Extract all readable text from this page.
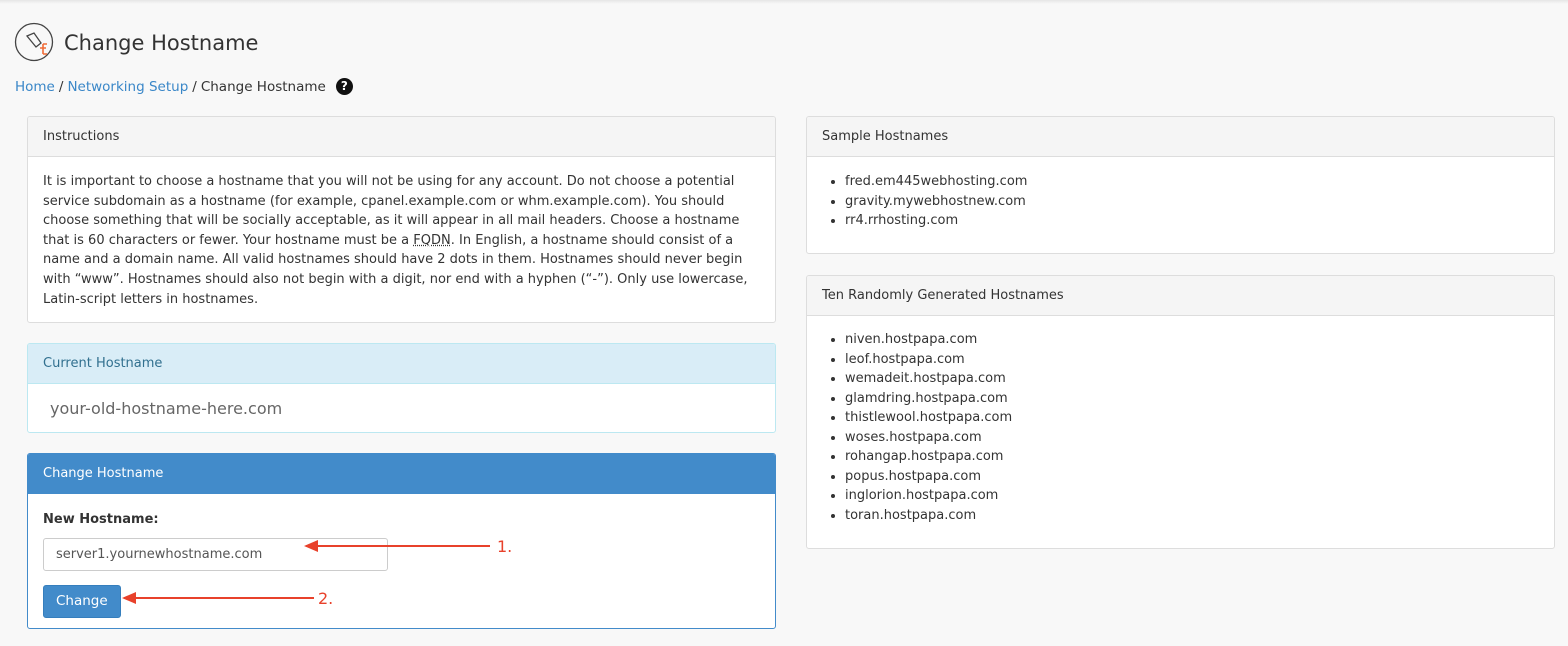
Change Hostname
Home / Networking Setup / Change Hostname	?
Instructions
It is important to choose a hostname that you will not be using for any account. Do not choose a potential service subdomain as a hostname (for example, cpanel.example.com or whm.example.com). You should choose something that will be socially acceptable, as it will appear in all mail headers. Choose a hostname that is 60 characters or fewer. Your hostname must be a FQDN. In English, a hostname should consist of a name and a domain name. All valid hostnames should have 2 dots in them. Hostnames should never begin with “www”. Hostnames should also not begin with a digit, nor end with a hyphen (“-”). Only use lowercase, Latin-script letters in hostnames.
Current Hostname
your-old-hostname-here.com
Change Hostname
New Hostname:
server1.yournewhostname.com
Change
1.
2.
Sample Hostnames
• fred.em445webhosting.com
• gravity.mywebhostnew.com
• rr4.rrhosting.com
Ten Randomly Generated Hostnames
• niven.hostpapa.com
• leof.hostpapa.com
• wemadeit.hostpapa.com
• glamdring.hostpapa.com
• thistlewool.hostpapa.com
• woses.hostpapa.com
• rohangap.hostpapa.com
• popus.hostpapa.com
• inglorion.hostpapa.com
• toran.hostpapa.com
